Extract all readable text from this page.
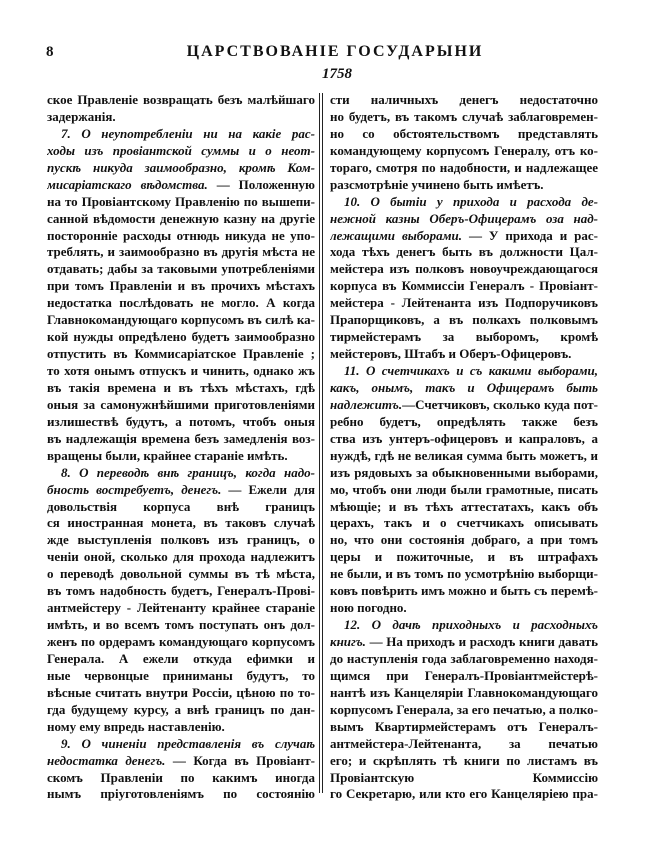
8	ЦАРСТВОВАНІЕ ГОСУДАРЫНИ
1758
ское Правленіе возвращать безъ малѣйшаго
задержанія.
7. О неупотребленіи ни на какіе рас-
ходы изъ провіантской суммы и о неот-
пускѣ никуда заимообразно, кромѣ Ком-
мисаріатскаго вѣдомства. — Положенную
на то Провіантскому Правленію по вышепи-
санной вѣдомости денежную казну на другіе
посторонніе расходы отнюдь никуда не упо-
треблять, и заимообразно въ другія мѣста не
отдавать; дабы за таковыми употребленіями
при томъ Правленіи и въ прочихъ мѣстахъ
недостатка послѣдовать не могло. А когда
Главнокомандующаго корпусомъ въ силѣ ка-
кой нужды опредѣлено будетъ заимообразно
отпустить въ Коммисаріатское Правленіе ;
то хотя онымъ отпускъ и чинить, однако жъ
въ такія времена и въ тѣхъ мѣстахъ, гдѣ
оныя за самонужнѣйшими приготовленіями
излишествѣ будутъ, а потомъ, чтобъ оныя
въ надлежащія времена безъ замедленія воз-
вращены были, крайнее стараніе имѣть.
8. О переводѣ внѣ границъ, когда надо-
бность востребуетъ, денегъ. — Ежели для
довольствія корпуса внѣ границъ
ся иностранная монета, въ таковъ случаѣ
жде выступленія полковъ изъ границъ, о
ченіи оной, сколько для прохода надлежитъ
о переводѣ довольной суммы въ тѣ мѣста,
въ томъ надобность будетъ, Генералъ-Прові-
антмейстеру - Лейтенанту крайнее стараніе
имѣть, и во всемъ томъ поступать онъ дол-
женъ по ордерамъ командующаго корпусомъ
Генерала. А ежели откуда ефимки и
ные червонцые приниманы будутъ, то
вѣсные считать внутри Россіи, цѣною по то-
гда будущему курсу, а внѣ границъ по дан-
ному ему впредь наставленію.
9. О чиненіи представленія въ случаѣ
недостатка денегъ. — Когда въ Провіант-
скомъ Правленіи по какимъ иногда
нымъ пріуготовленіямъ по состоянію
сти наличныхъ денегъ недостаточно
но будетъ, въ такомъ случаѣ заблаговремен-
но со обстоятельствомъ представлять
командующему корпусомъ Генералу, отъ ко-
тораго, смотря по надобности, и надлежащее
разсмотрѣніе учинено быть имѣетъ.
10. О бытіи у прихода и расхода де-
нежной казны Оберъ-Офицерамъ оза над-
лежащими выборами. — У прихода и рас-
хода тѣхъ денегъ быть въ должности Цал-
мейстера изъ полковъ новоучреждающагося
корпуса въ Коммиссіи Генералъ - Провіант-
мейстера - Лейтенанта изъ Подпоручиковъ
Прапорщиковъ, а въ полкахъ полковымъ
тирмейстерамъ за выборомъ, кромѣ
мейстеровъ, Штабъ и Оберъ-Офицеровъ.
11. О счетчикахъ и съ какими выборами,
какъ, онымъ, такъ и Офицерамъ быть
надлежитъ.—Счетчиковъ, сколько куда пот-
ребно будетъ, опредѣлять также безъ
ства изъ унтеръ-офицеровъ и капраловъ, а
нуждѣ, гдѣ не великая сумма быть можетъ, и
изъ рядовыхъ за обыкновенными выборами,
мо, чтобъ они люди были грамотные, писать
мѣющіе; и въ тѣхъ аттестатахъ, какъ объ
церахъ, такъ и о счетчикахъ описывать
но, что они состоянія добраго, а при томъ
церы и пожиточные, и въ штрафахъ
не были, и въ томъ по усмотрѣнію выборщи-
ковъ повѣрить имъ можно и быть съ перемѣ-
ною погодно.
12. О дачѣ приходныхъ и расходныхъ
книгъ. — На приходъ и расходъ книги давать
до наступленія года заблаговременно находя-
щимся при Генералъ-Провіантмейстерѣ-
нантѣ изъ Канцеляріи Главнокомандующаго
корпусомъ Генерала, за его печатью, а полко-
вымъ Квартирмейстерамъ отъ Генералъ-
антмейстера-Лейтенанта, за печатью
его; и скрѣплять тѣ книги по листамъ въ
Провіантскую Коммиссію
го Секретарю, или кто его Канцеляріею пра-
